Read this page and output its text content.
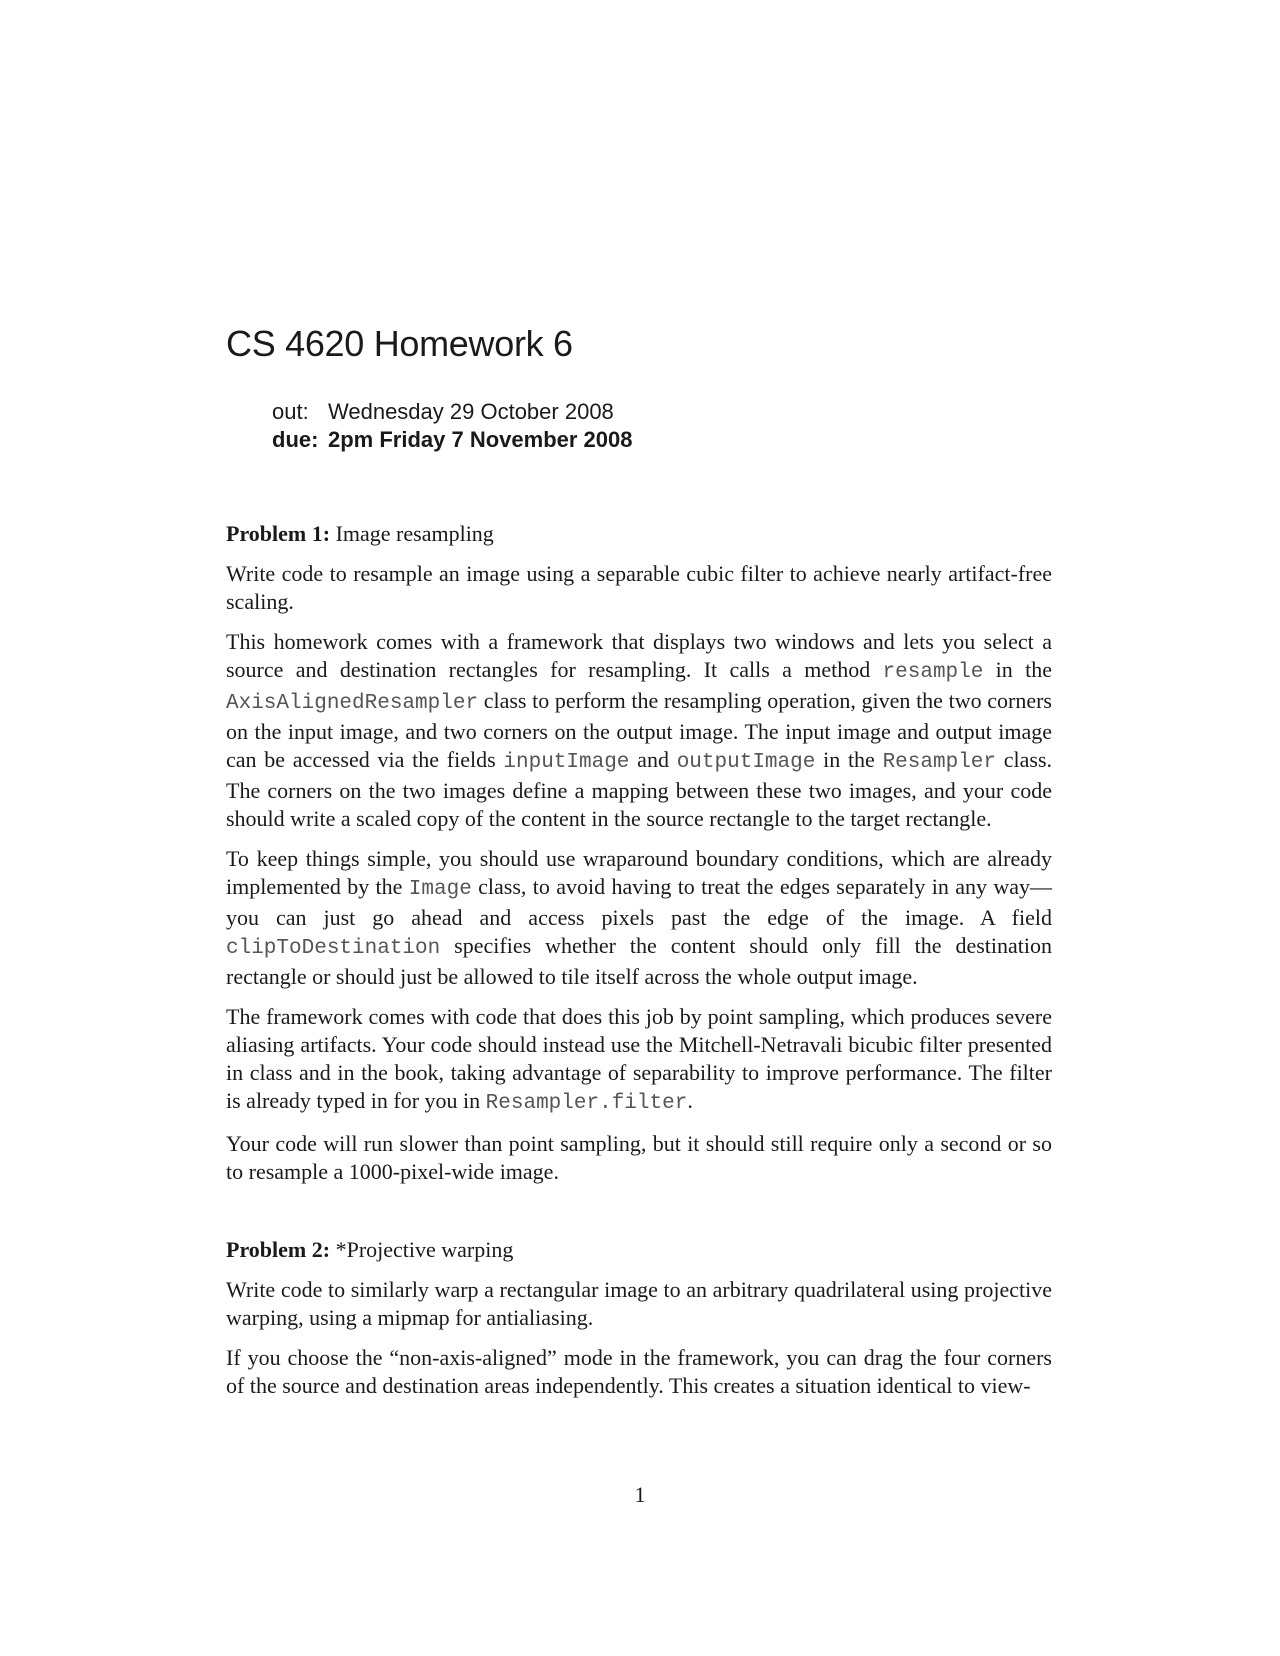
CS 4620 Homework 6
out: Wednesday 29 October 2008
due: 2pm Friday 7 November 2008

Problem 1: Image resampling

Write code to resample an image using a separable cubic filter to achieve nearly artifact-free scaling.

This homework comes with a framework that displays two windows and lets you select a source and destination rectangles for resampling. It calls a method resample in the AxisAlignedResampler class to perform the resampling operation, given the two corners on the input image, and two corners on the output image. The input image and output image can be accessed via the fields inputImage and outputImage in the Resampler class. The corners on the two images define a mapping between these two images, and your code should write a scaled copy of the content in the source rectangle to the target rectangle.

To keep things simple, you should use wraparound boundary conditions, which are already implemented by the Image class, to avoid having to treat the edges separately in any way—you can just go ahead and access pixels past the edge of the image. A field clipToDestination specifies whether the content should only fill the destination rectangle or should just be allowed to tile itself across the whole output image.

The framework comes with code that does this job by point sampling, which produces severe aliasing artifacts. Your code should instead use the Mitchell-Netravali bicubic filter presented in class and in the book, taking advantage of separability to improve performance. The filter is already typed in for you in Resampler.filter.

Your code will run slower than point sampling, but it should still require only a second or so to resample a 1000-pixel-wide image.

Problem 2: *Projective warping

Write code to similarly warp a rectangular image to an arbitrary quadrilateral using projective warping, using a mipmap for antialiasing.

If you choose the “non-axis-aligned” mode in the framework, you can drag the four corners of the source and destination areas independently. This creates a situation identical to view-

1
